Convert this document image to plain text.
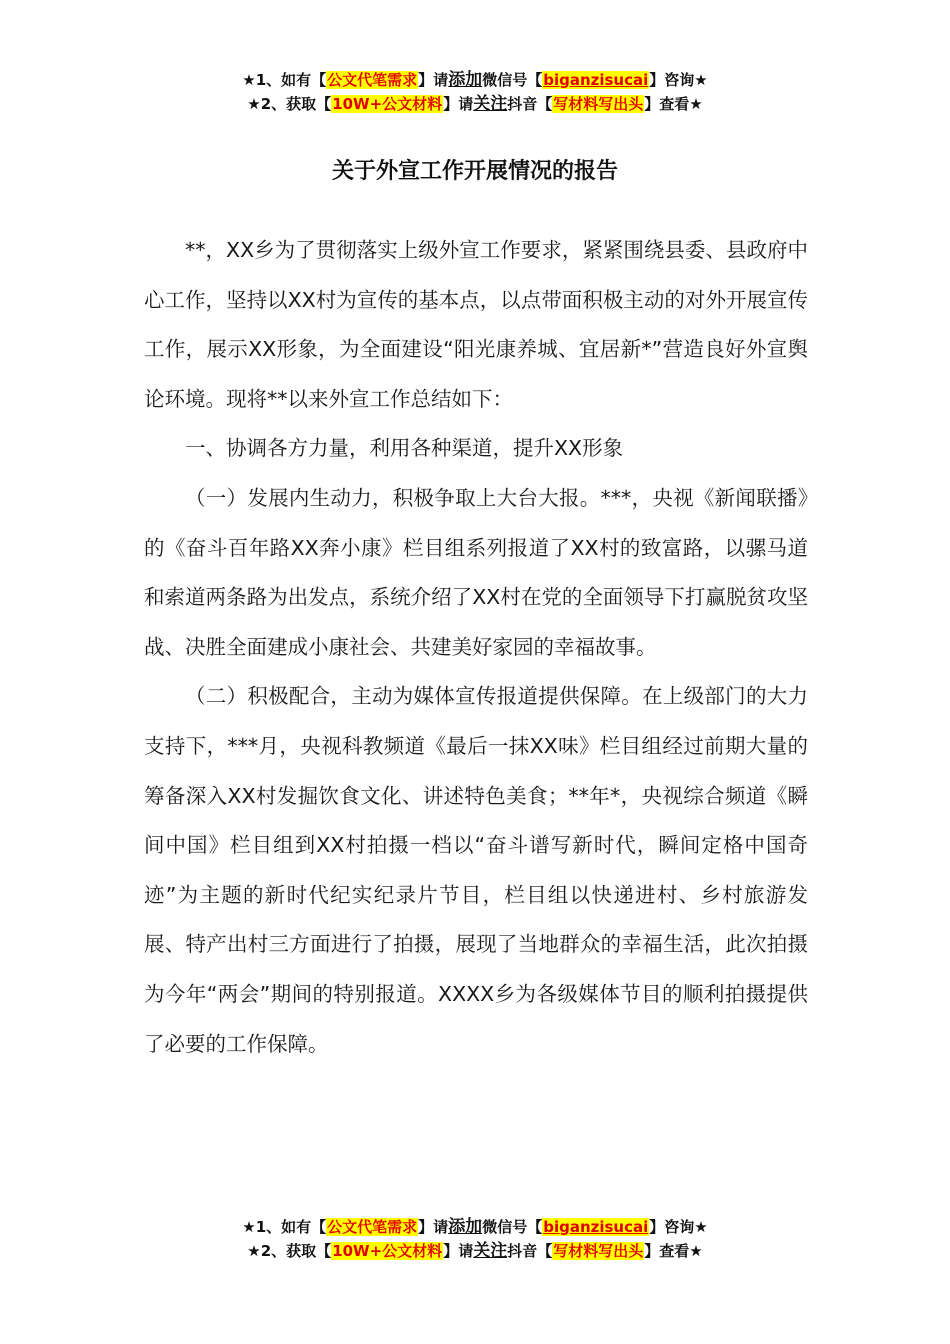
★1、如有【公文代笔需求】请添加微信号【biganzisucai】咨询★
★2、获取【10W+公文材料】请关注抖音【写材料写出头】查看★
关于外宣工作开展情况的报告

**，XX乡为了贯彻落实上级外宣工作要求，紧紧围绕县委、县政府中心工作，坚持以XX村为宣传的基本点，以点带面积极主动的对外开展宣传工作，展示XX形象，为全面建设“阳光康养城、宜居新*”营造良好外宣舆论环境。现将**以来外宣工作总结如下：

一、协调各方力量，利用各种渠道，提升XX形象

（一）发展内生动力，积极争取上大台大报。***，央视《新闻联播》的《奋斗百年路XX奔小康》栏目组系列报道了XX村的致富路，以骡马道和索道两条路为出发点，系统介绍了XX村在党的全面领导下打赢脱贫攻坚战、决胜全面建成小康社会、共建美好家园的幸福故事。

（二）积极配合，主动为媒体宣传报道提供保障。在上级部门的大力支持下，***月，央视科教频道《最后一抹XX味》栏目组经过前期大量的筹备深入XX村发掘饮食文化、讲述特色美食；**年*，央视综合频道《瞬间中国》栏目组到XX村拍摄一档以“奋斗谱写新时代，瞬间定格中国奇迹”为主题的新时代纪实纪录片节目，栏目组以快递进村、乡村旅游发展、特产出村三方面进行了拍摄，展现了当地群众的幸福生活，此次拍摄为今年“两会”期间的特别报道。XXXX乡为各级媒体节目的顺利拍摄提供了必要的工作保障。

★1、如有【公文代笔需求】请添加微信号【biganzisucai】咨询★
★2、获取【10W+公文材料】请关注抖音【写材料写出头】查看★
